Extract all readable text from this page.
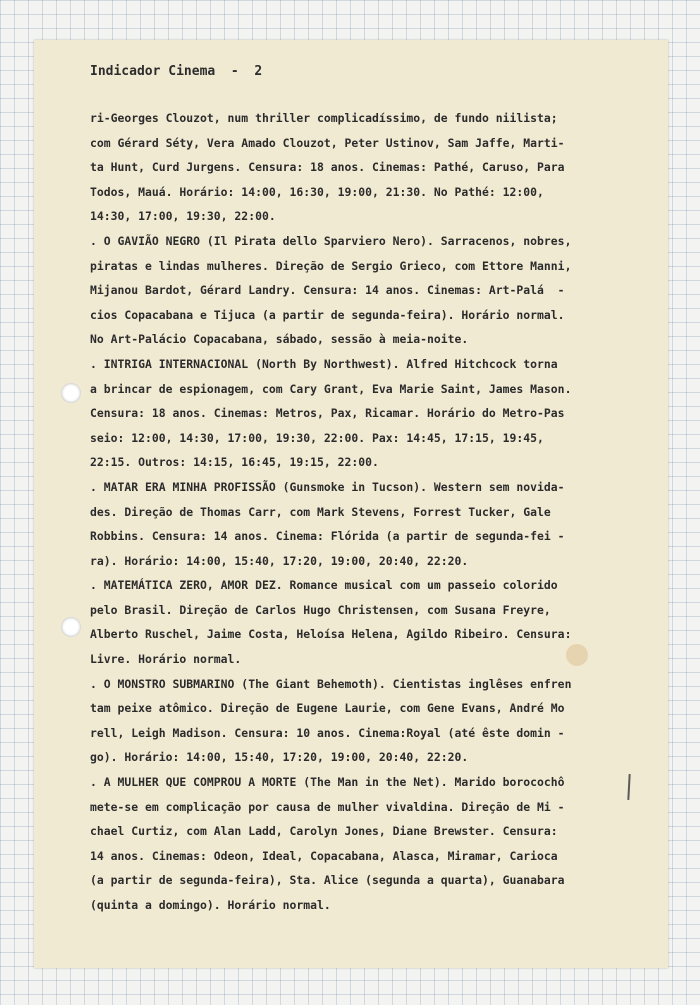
Indicador Cinema  -  2
ri-Georges Clouzot, num thriller complicadíssimo, de fundo niilista;
com Gérard Séty, Vera Amado Clouzot, Peter Ustinov, Sam Jaffe, Marti-
ta Hunt, Curd Jurgens. Censura: 18 anos. Cinemas: Pathé, Caruso, Para
Todos, Mauá. Horário: 14:00, 16:30, 19:00, 21:30. No Pathé: 12:00,
14:30, 17:00, 19:30, 22:00.
. O GAVIÃO NEGRO (Il Pirata dello Sparviero Nero). Sarracenos, nobres,
piratas e lindas mulheres. Direção de Sergio Grieco, com Ettore Manni,
Mijanou Bardot, Gérard Landry. Censura: 14 anos. Cinemas: Art-Palá  -
cios Copacabana e Tijuca (a partir de segunda-feira). Horário normal.
No Art-Palácio Copacabana, sábado, sessão à meia-noite.
. INTRIGA INTERNACIONAL (North By Northwest). Alfred Hitchcock torna
a brincar de espionagem, com Cary Grant, Eva Marie Saint, James Mason.
Censura: 18 anos. Cinemas: Metros, Pax, Ricamar. Horário do Metro-Pas
seio: 12:00, 14:30, 17:00, 19:30, 22:00. Pax: 14:45, 17:15, 19:45,
22:15. Outros: 14:15, 16:45, 19:15, 22:00.
. MATAR ERA MINHA PROFISSÃO (Gunsmoke in Tucson). Western sem novida-
des. Direção de Thomas Carr, com Mark Stevens, Forrest Tucker, Gale
Robbins. Censura: 14 anos. Cinema: Flórida (a partir de segunda-fei -
ra). Horário: 14:00, 15:40, 17:20, 19:00, 20:40, 22:20.
. MATEMÁTICA ZERO, AMOR DEZ. Romance musical com um passeio colorido
pelo Brasil. Direção de Carlos Hugo Christensen, com Susana Freyre,
Alberto Ruschel, Jaime Costa, Heloísa Helena, Agildo Ribeiro. Censura:
Livre. Horário normal.
. O MONSTRO SUBMARINO (The Giant Behemoth). Cientistas inglêses enfren
tam peixe atômico. Direção de Eugene Laurie, com Gene Evans, André Mo
rell, Leigh Madison. Censura: 10 anos. Cinema:Royal (até êste domin -
go). Horário: 14:00, 15:40, 17:20, 19:00, 20:40, 22:20.
. A MULHER QUE COMPROU A MORTE (The Man in the Net). Marido borocochô
mete-se em complicação por causa de mulher vivaldina. Direção de Mi -
chael Curtiz, com Alan Ladd, Carolyn Jones, Diane Brewster. Censura:
14 anos. Cinemas: Odeon, Ideal, Copacabana, Alasca, Miramar, Carioca
(a partir de segunda-feira), Sta. Alice (segunda a quarta), Guanabara
(quinta a domingo). Horário normal.
